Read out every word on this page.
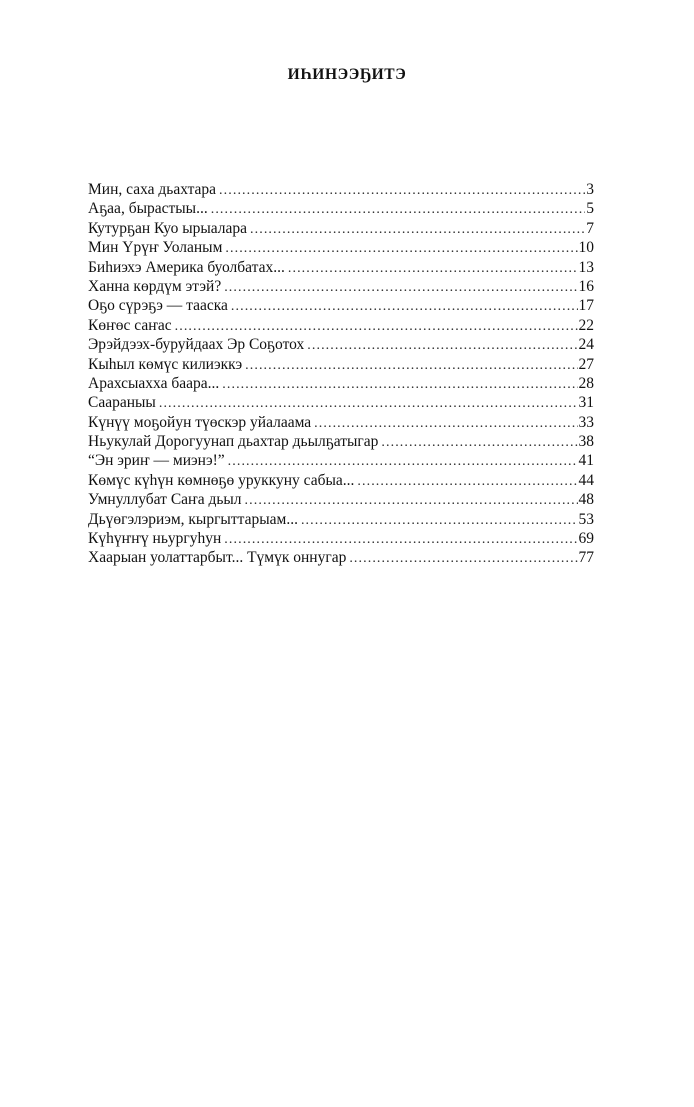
ИҺИНЭЭҔИТЭ
Мин, саха дьахтара .....	3
Аҕаа, бырастыы... .....	5
Кутурҕан Куо ырыалара .....	7
Мин Үрүҥ Уоланым .....	10
Биһиэхэ Америка буолбатах... .....	13
Ханна көрдүм этэй? .....	16
Оҕо сүрэҕэ — тааска .....	17
Көҥөс саҥас .....	22
Эрэйдээх-буруйдаах Эр Соҕотох .....	24
Кыһыл көмүс килиэккэ .....	27
Арахсыахха баара... .....	28
Саараныы .....	31
Күнүү моҕойун түөскэр уйалаама .....	33
Ньукулай Дорогуунап дьахтар дьылҕатыгар .....	38
“Эн эриҥ — миэнэ!” .....	41
Көмүс күһүн көмнөҕө уруккуну сабыа... .....	44
Умнуллубат Саҥа дьыл .....	48
Дьүөгэлэриэм, кыргыттарыам... .....	53
Күһүҥҥү ньургуһун .....	69
Хаарыан уолаттарбыт... Түмүк оннугар .....	77
